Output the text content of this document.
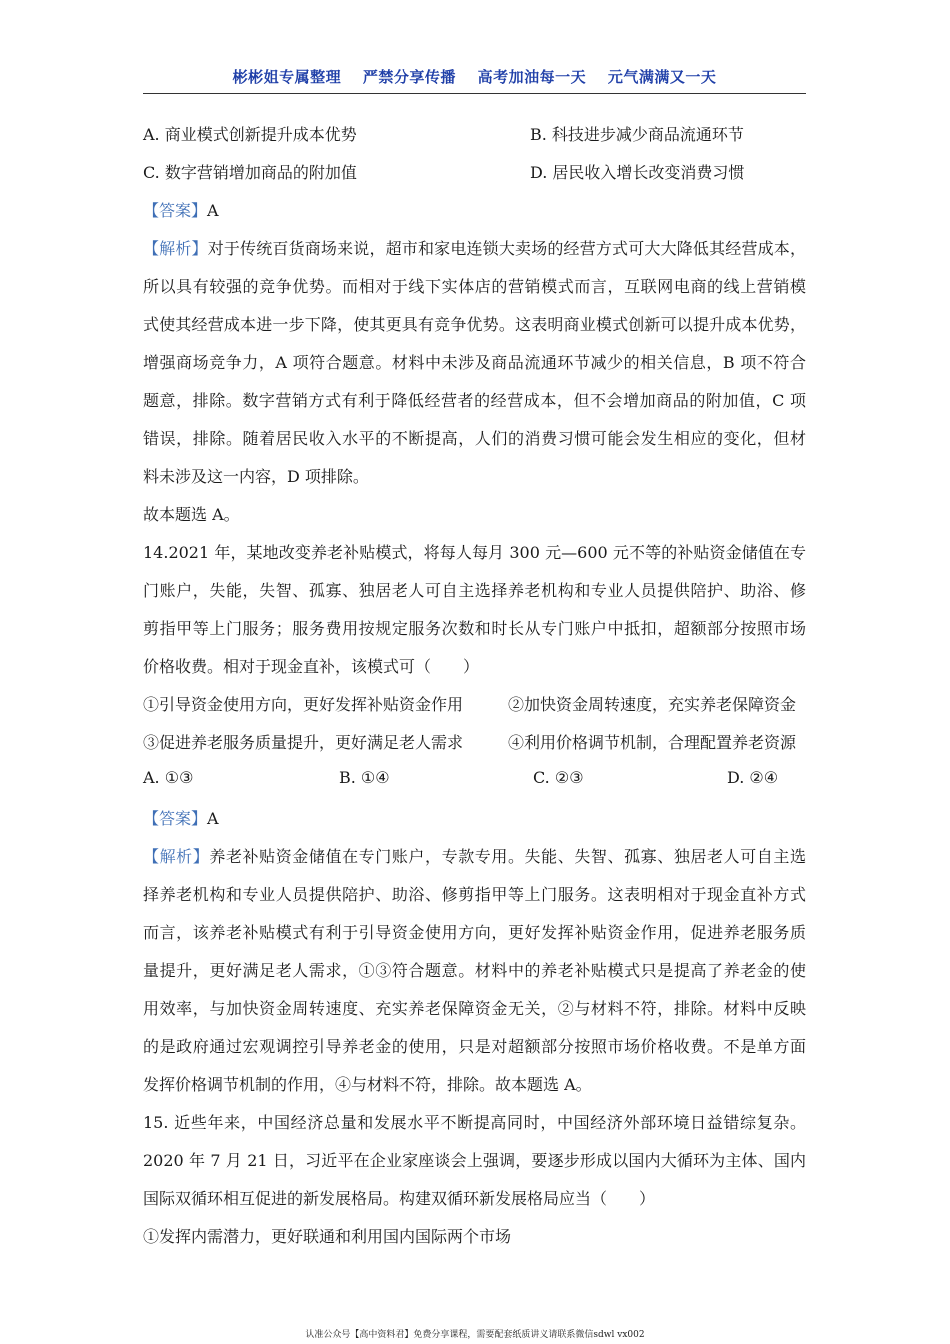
彬彬姐专属整理 严禁分享传播 高考加油每一天 元气满满又一天
A. 商业模式创新提升成本优势	B. 科技进步减少商品流通环节
C. 数字营销增加商品的附加值	D. 居民收入增长改变消费习惯
【答案】A
【解析】对于传统百货商场来说，超市和家电连锁大卖场的经营方式可大大降低其经营成本，
所以具有较强的竞争优势。而相对于线下实体店的营销模式而言，互联网电商的线上营销模
式使其经营成本进一步下降，使其更具有竞争优势。这表明商业模式创新可以提升成本优势，
增强商场竞争力，A 项符合题意。材料中未涉及商品流通环节减少的相关信息，B 项不符合
题意，排除。数字营销方式有利于降低经营者的经营成本，但不会增加商品的附加值，C 项
错误，排除。随着居民收入水平的不断提高，人们的消费习惯可能会发生相应的变化，但材
料未涉及这一内容，D 项排除。
故本题选 A。
14.2021 年，某地改变养老补贴模式，将每人每月 300 元—600 元不等的补贴资金储值在专
门账户，失能，失智、孤寡、独居老人可自主选择养老机构和专业人员提供陪护、助浴、修
剪指甲等上门服务；服务费用按规定服务次数和时长从专门账户中抵扣，超额部分按照市场
价格收费。相对于现金直补，该模式可（　　）
①引导资金使用方向，更好发挥补贴资金作用	②加快资金周转速度，充实养老保障资金
③促进养老服务质量提升，更好满足老人需求	④利用价格调节机制，合理配置养老资源
A. ①③	B. ①④	C. ②③	D. ②④
【答案】A
【解析】养老补贴资金储值在专门账户，专款专用。失能、失智、孤寡、独居老人可自主选
择养老机构和专业人员提供陪护、助浴、修剪指甲等上门服务。这表明相对于现金直补方式
而言，该养老补贴模式有利于引导资金使用方向，更好发挥补贴资金作用，促进养老服务质
量提升，更好满足老人需求，①③符合题意。材料中的养老补贴模式只是提高了养老金的使
用效率，与加快资金周转速度、充实养老保障资金无关，②与材料不符，排除。材料中反映
的是政府通过宏观调控引导养老金的使用，只是对超额部分按照市场价格收费。不是单方面
发挥价格调节机制的作用，④与材料不符，排除。故本题选 A。
15. 近些年来，中国经济总量和发展水平不断提高同时，中国经济外部环境日益错综复杂。
2020 年 7 月 21 日，习近平在企业家座谈会上强调，要逐步形成以国内大循环为主体、国内
国际双循环相互促进的新发展格局。构建双循环新发展格局应当（　　）
①发挥内需潜力，更好联通和利用国内国际两个市场
认准公众号【高中资料君】免费分享课程，需要配套纸质讲义请联系微信sdwl vx002
